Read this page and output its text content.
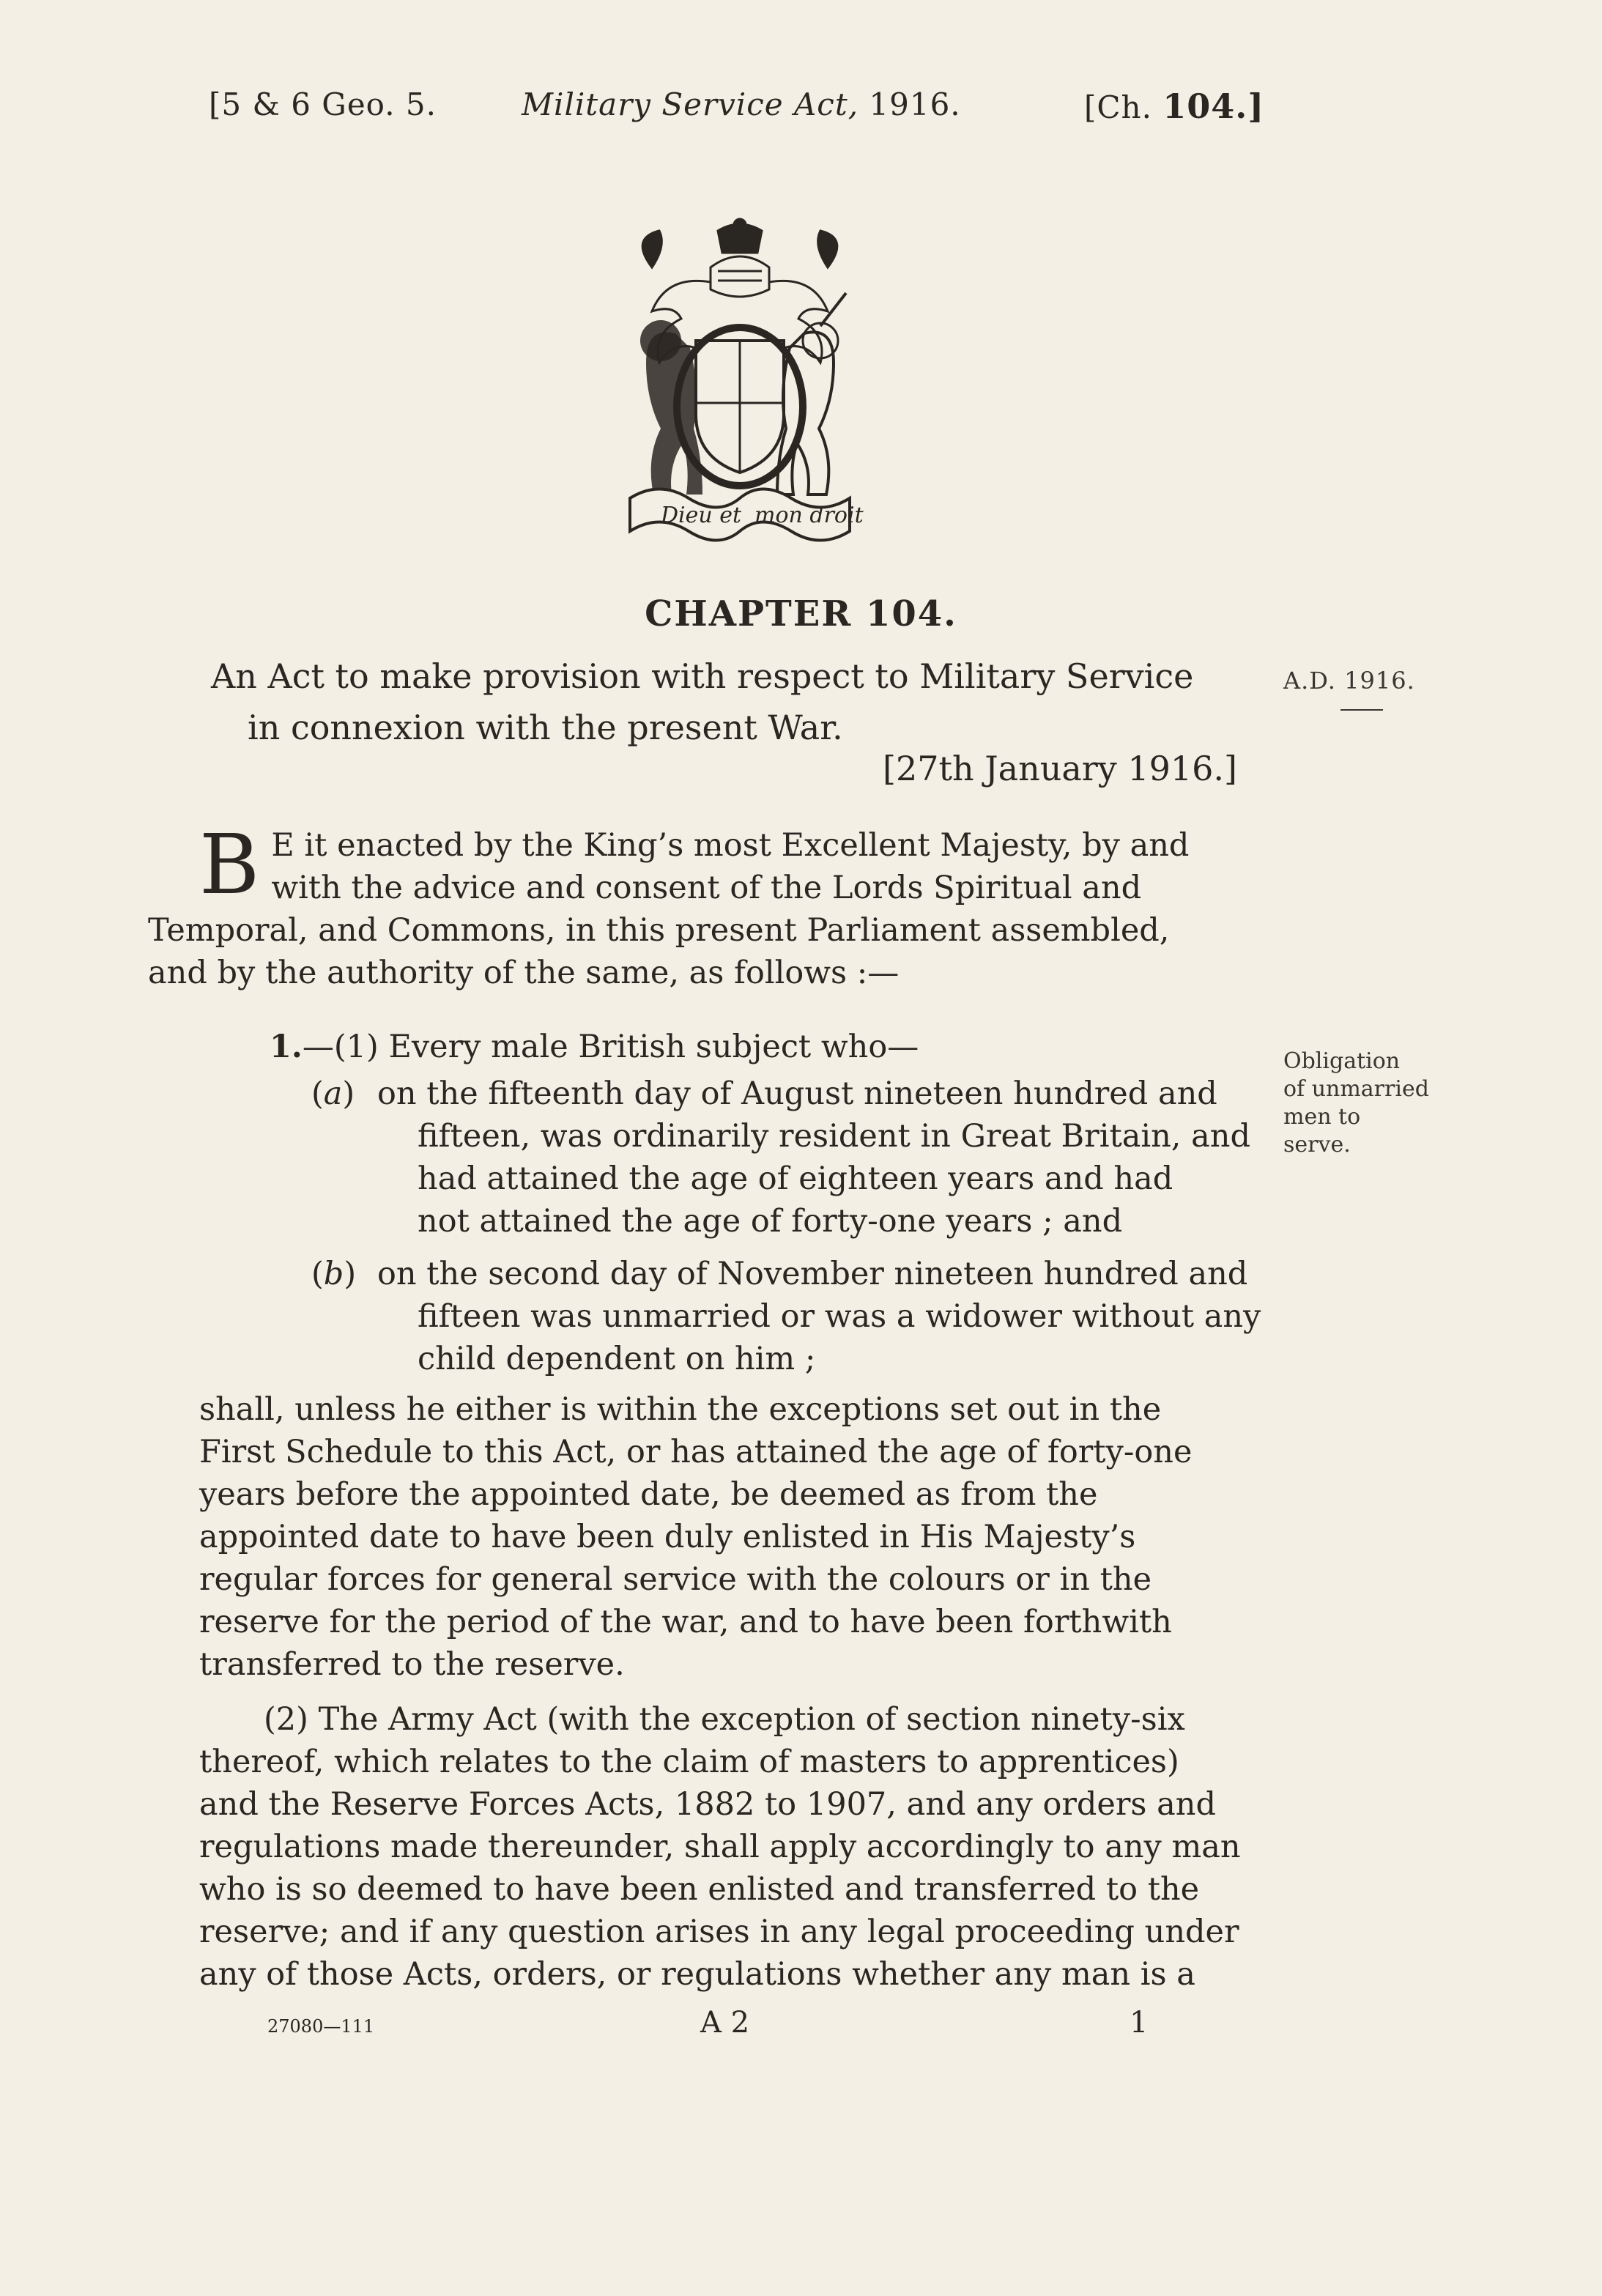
[5 & 6 Geo. 5.	Military Service Act, 1916.	[Ch. 104.]
Dieu et mon droit
CHAPTER 104.
An Act to make provision with respect to Military Service
in connexion with the present War.
[27th January 1916.]
A.D. 1916.
Obligation
of unmarried
men to
serve.
B E it enacted by the King’s most Excellent Majesty, by and
with the advice and consent of the Lords Spiritual and
Temporal, and Commons, in this present Parliament assembled,
and by the authority of the same, as follows :—
1.—(1) Every male British subject who—
(a) on the fifteenth day of August nineteen hundred and
fifteen, was ordinarily resident in Great Britain, and
had attained the age of eighteen years and had
not attained the age of forty-one years ; and
(b) on the second day of November nineteen hundred and
fifteen was unmarried or was a widower without any
child dependent on him ;
shall, unless he either is within the exceptions set out in the
First Schedule to this Act, or has attained the age of forty-one
years before the appointed date, be deemed as from the
appointed date to have been duly enlisted in His Majesty’s
regular forces for general service with the colours or in the
reserve for the period of the war, and to have been forthwith
transferred to the reserve.
(2) The Army Act (with the exception of section ninety-six
thereof, which relates to the claim of masters to apprentices)
and the Reserve Forces Acts, 1882 to 1907, and any orders and
regulations made thereunder, shall apply accordingly to any man
who is so deemed to have been enlisted and transferred to the
reserve; and if any question arises in any legal proceeding under
any of those Acts, orders, or regulations whether any man is a
27080—111	A 2	1
